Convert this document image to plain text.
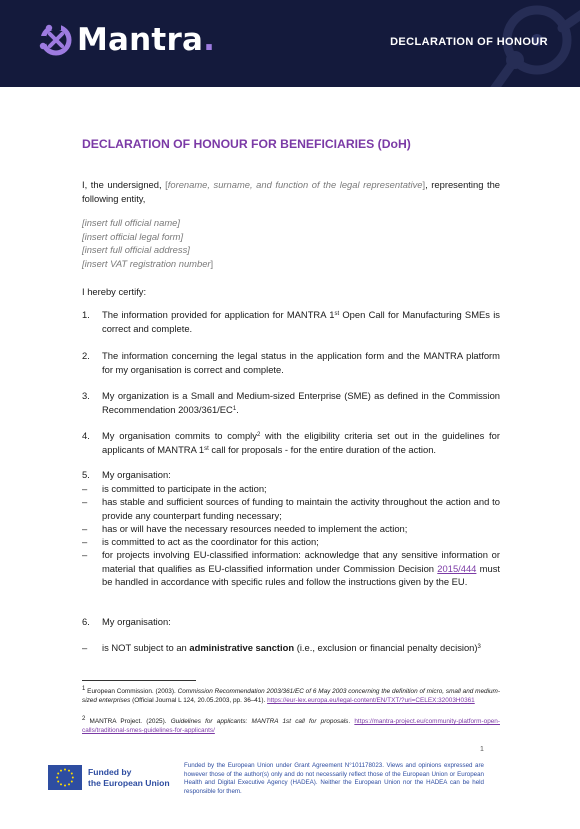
Mantra .	DECLARATION OF HONOUR
DECLARATION OF HONOUR FOR BENEFICIARIES (DoH)
I, the undersigned, [forename, surname, and function of the legal representative], representing the following entity,
[insert full official name]
[insert official legal form]
[insert full official address]
[insert VAT registration number]
I hereby certify:
1. The information provided for application for MANTRA 1st Open Call for Manufacturing SMEs is correct and complete.
2. The information concerning the legal status in the application form and the MANTRA platform for my organisation is correct and complete.
3. My organization is a Small and Medium-sized Enterprise (SME) as defined in the Commission Recommendation $2003/361/EC^1$.
4. My organisation commits to comply$^2$ with the eligibility criteria set out in the guidelines for applicants of MANTRA 1st call for proposals - for the entire duration of the action.
5. My organisation:
– is committed to participate in the action;
– has stable and sufficient sources of funding to maintain the activity throughout the action and to provide any counterpart funding necessary;
– has or will have the necessary resources needed to implement the action;
– is committed to act as the coordinator for this action;
– for projects involving EU-classified information: acknowledge that any sensitive information or material that qualifies as EU-classified information under Commission Decision 2015/444 must be handled in accordance with specific rules and follow the instructions given by the EU.
6. My organisation:
– is NOT subject to an administrative sanction (i.e., exclusion or financial penalty decision)$^3$
$^1$ European Commission. (2003). Commission Recommendation 2003/361/EC of 6 May 2003 concerning the definition of micro, small and medium-sized enterprises (Official Journal L 124, 20.05.2003, pp. 36–41). https://eur-lex.europa.eu/legal-content/EN/TXT/?uri=CELEX:32003H0361
$^2$ MANTRA Project. (2025). Guidelines for applicants: MANTRA 1st call for proposals. https://mantra-project.eu/community-platform-open-calls/traditional-smes-guidelines-for-applicants/
1
Funded by
the European Union
Funded by the European Union under Grant Agreement N°101178023. Views and opinions expressed are however those of the author(s) only and do not necessarily reflect those of the European Union or European Health and Digital Executive Agency (HADEA). Neither the European Union nor the HADEA can be held responsible for them.
